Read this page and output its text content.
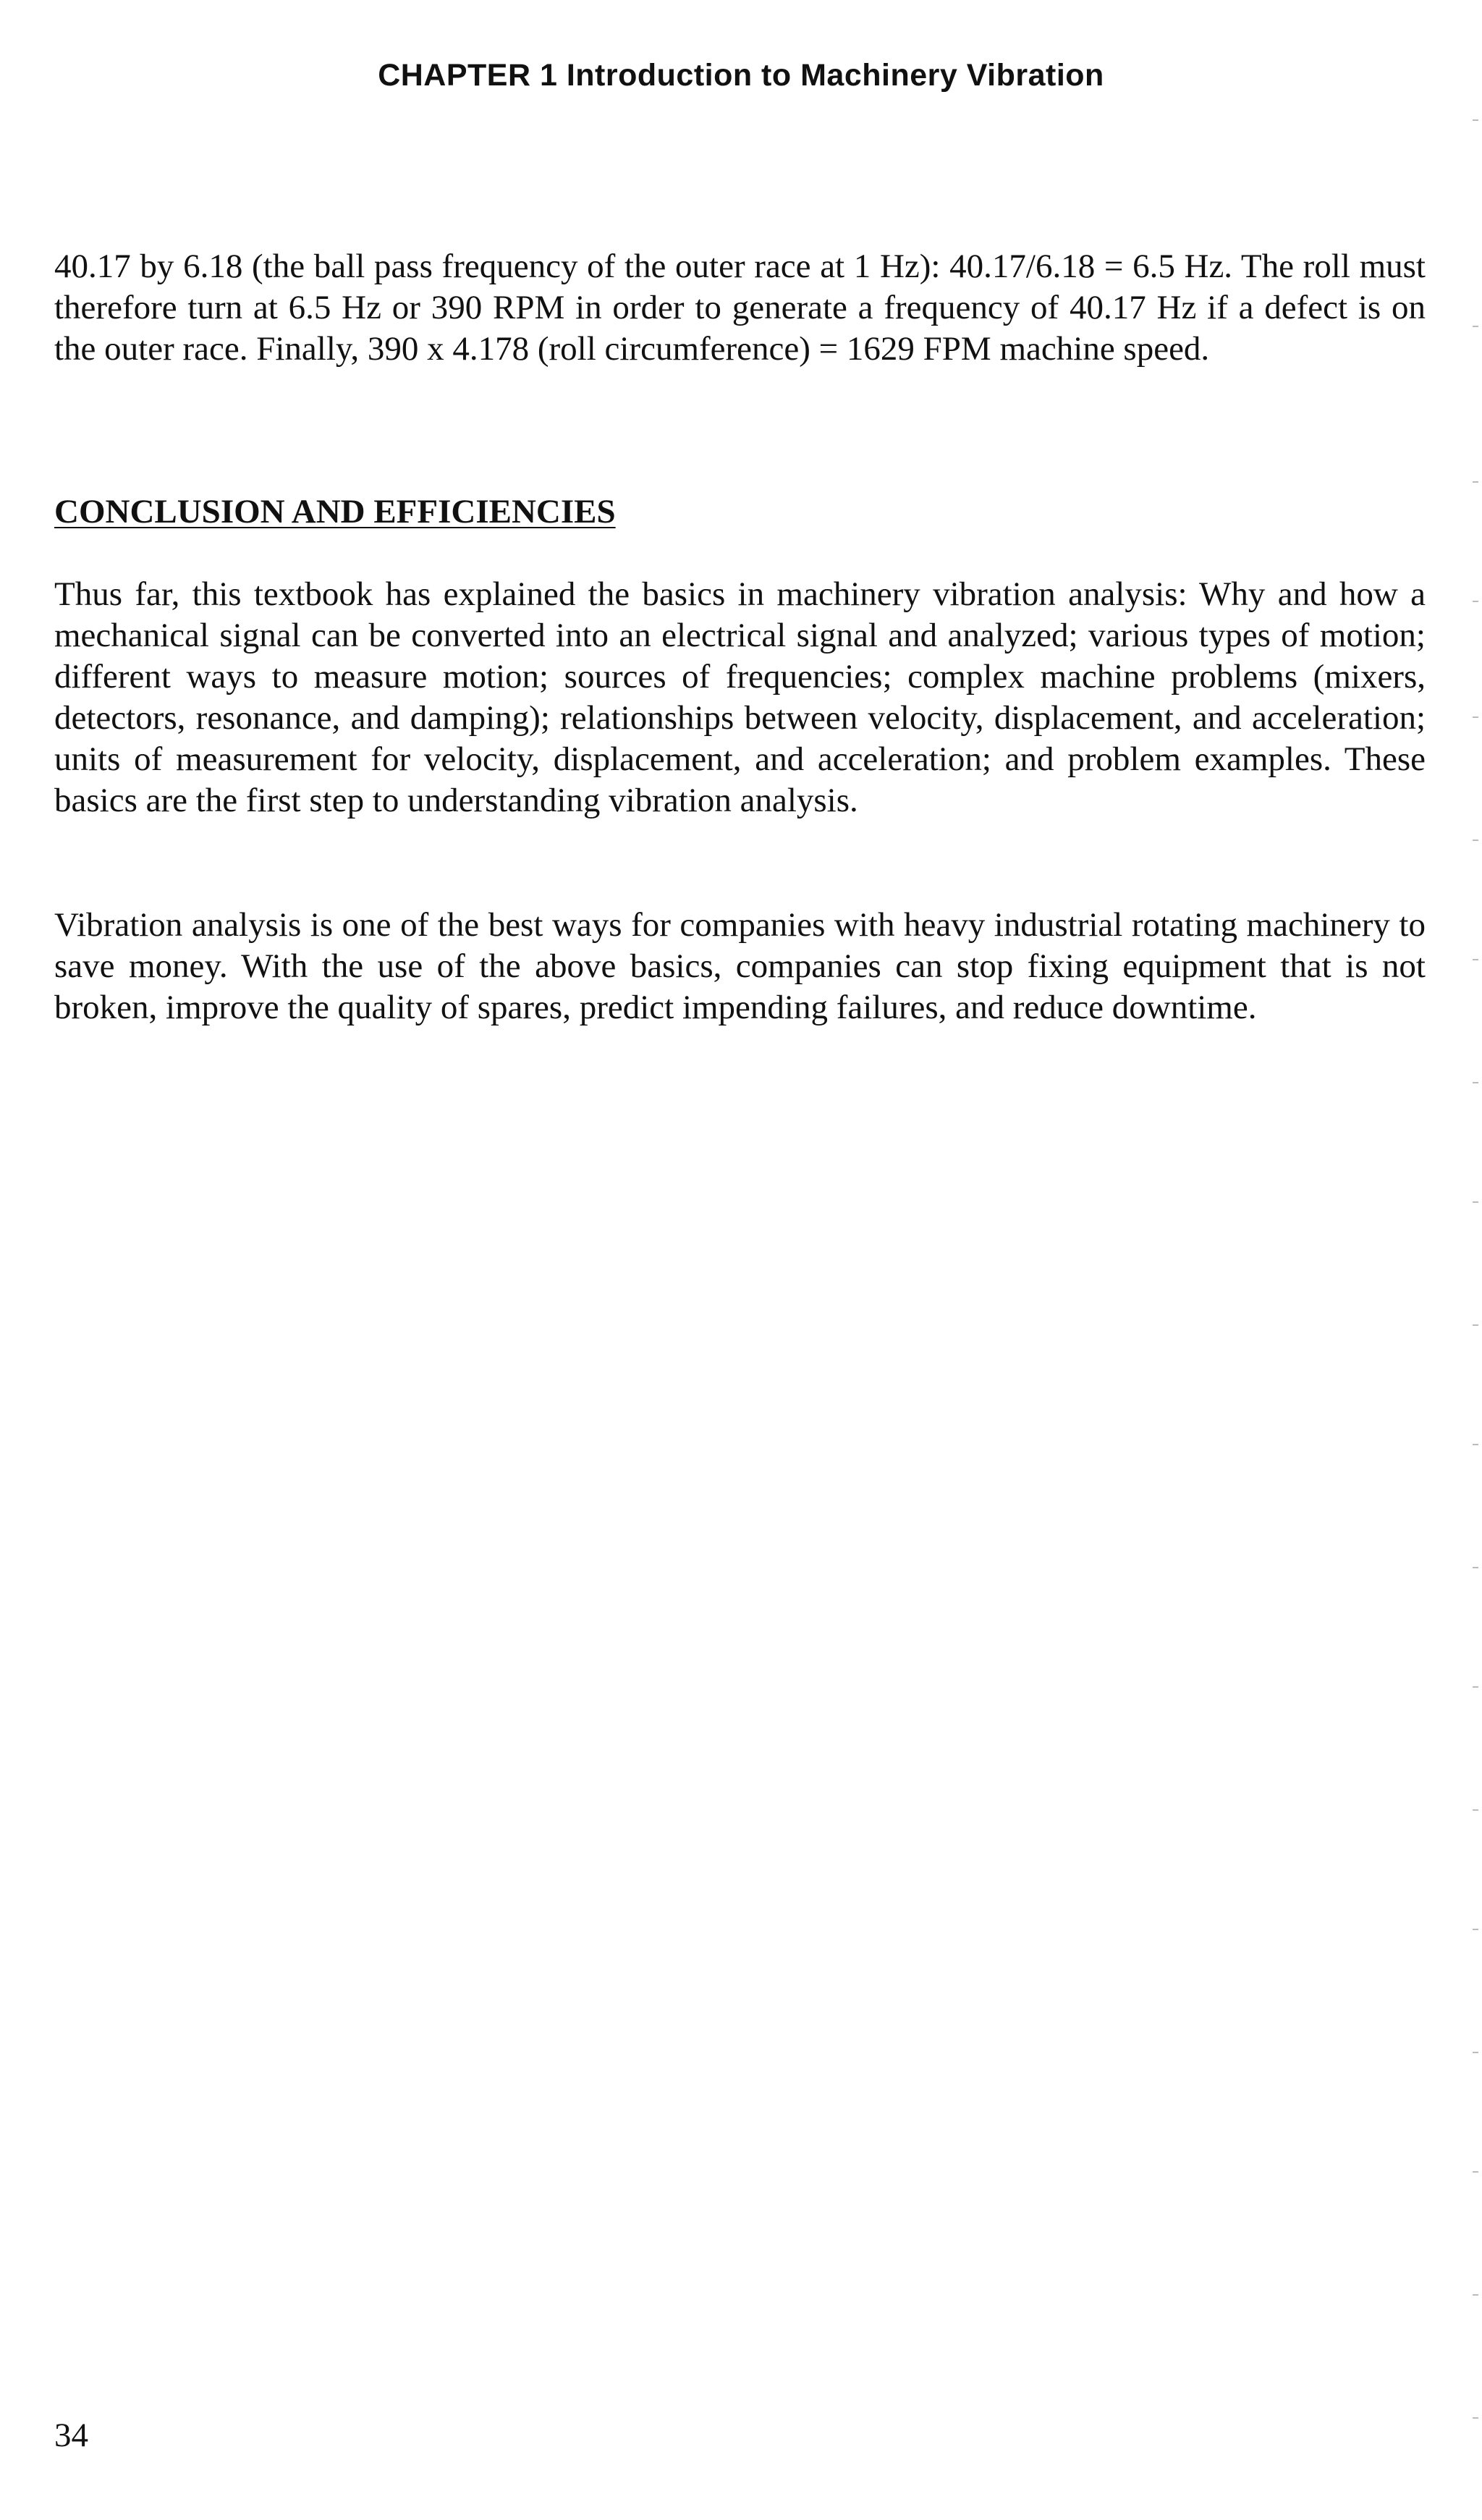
CHAPTER 1 Introduction to Machinery Vibration

40.17 by 6.18 (the ball pass frequency of the outer race at 1 Hz): 40.17/6.18 = 6.5 Hz. The roll must therefore turn at 6.5 Hz or 390 RPM in order to generate a frequency of 40.17 Hz if a defect is on the outer race. Finally, 390 x 4.178 (roll circumference) = 1629 FPM machine speed.

CONCLUSION AND EFFICIENCIES

Thus far, this textbook has explained the basics in machinery vibration analysis: Why and how a mechanical signal can be converted into an electrical signal and analyzed; various types of motion; different ways to measure motion; sources of frequencies; complex machine problems (mixers, detectors, resonance, and damping); relationships between velocity, displacement, and acceleration; units of measurement for velocity, displacement, and acceleration; and problem examples. These basics are the first step to understanding vibration analysis.

Vibration analysis is one of the best ways for companies with heavy industrial rotating machinery to save money. With the use of the above basics, companies can stop fixing equipment that is not broken, improve the quality of spares, predict impending failures, and reduce downtime.

34
